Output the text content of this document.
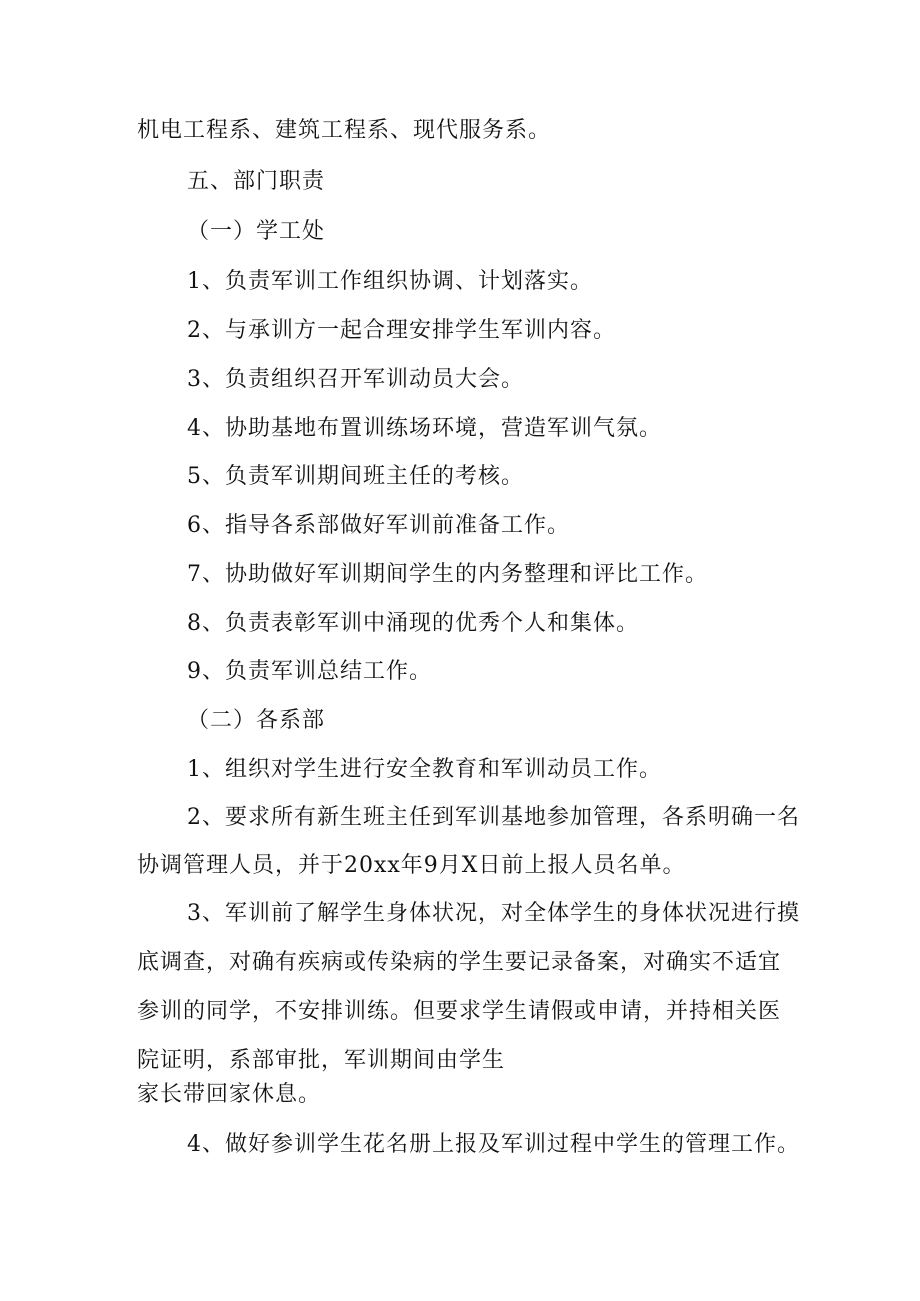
机电工程系、建筑工程系、现代服务系。
五、部门职责
（一）学工处
1、负责军训工作组织协调、计划落实。
2、与承训方一起合理安排学生军训内容。
3、负责组织召开军训动员大会。
4、协助基地布置训练场环境，营造军训气氛。
5、负责军训期间班主任的考核。
6、指导各系部做好军训前准备工作。
7、协助做好军训期间学生的内务整理和评比工作。
8、负责表彰军训中涌现的优秀个人和集体。
9、负责军训总结工作。
（二）各系部
1、组织对学生进行安全教育和军训动员工作。
2、要求所有新生班主任到军训基地参加管理，各系明确一名
协调管理人员，并于20xx年9月X日前上报人员名单。
3、军训前了解学生身体状况，对全体学生的身体状况进行摸
底调查，对确有疾病或传染病的学生要记录备案，对确实不适宜
参训的同学，不安排训练。但要求学生请假或申请，并持相关医
院证明，系部审批，军训期间由学生
家长带回家休息。
4、做好参训学生花名册上报及军训过程中学生的管理工作。
